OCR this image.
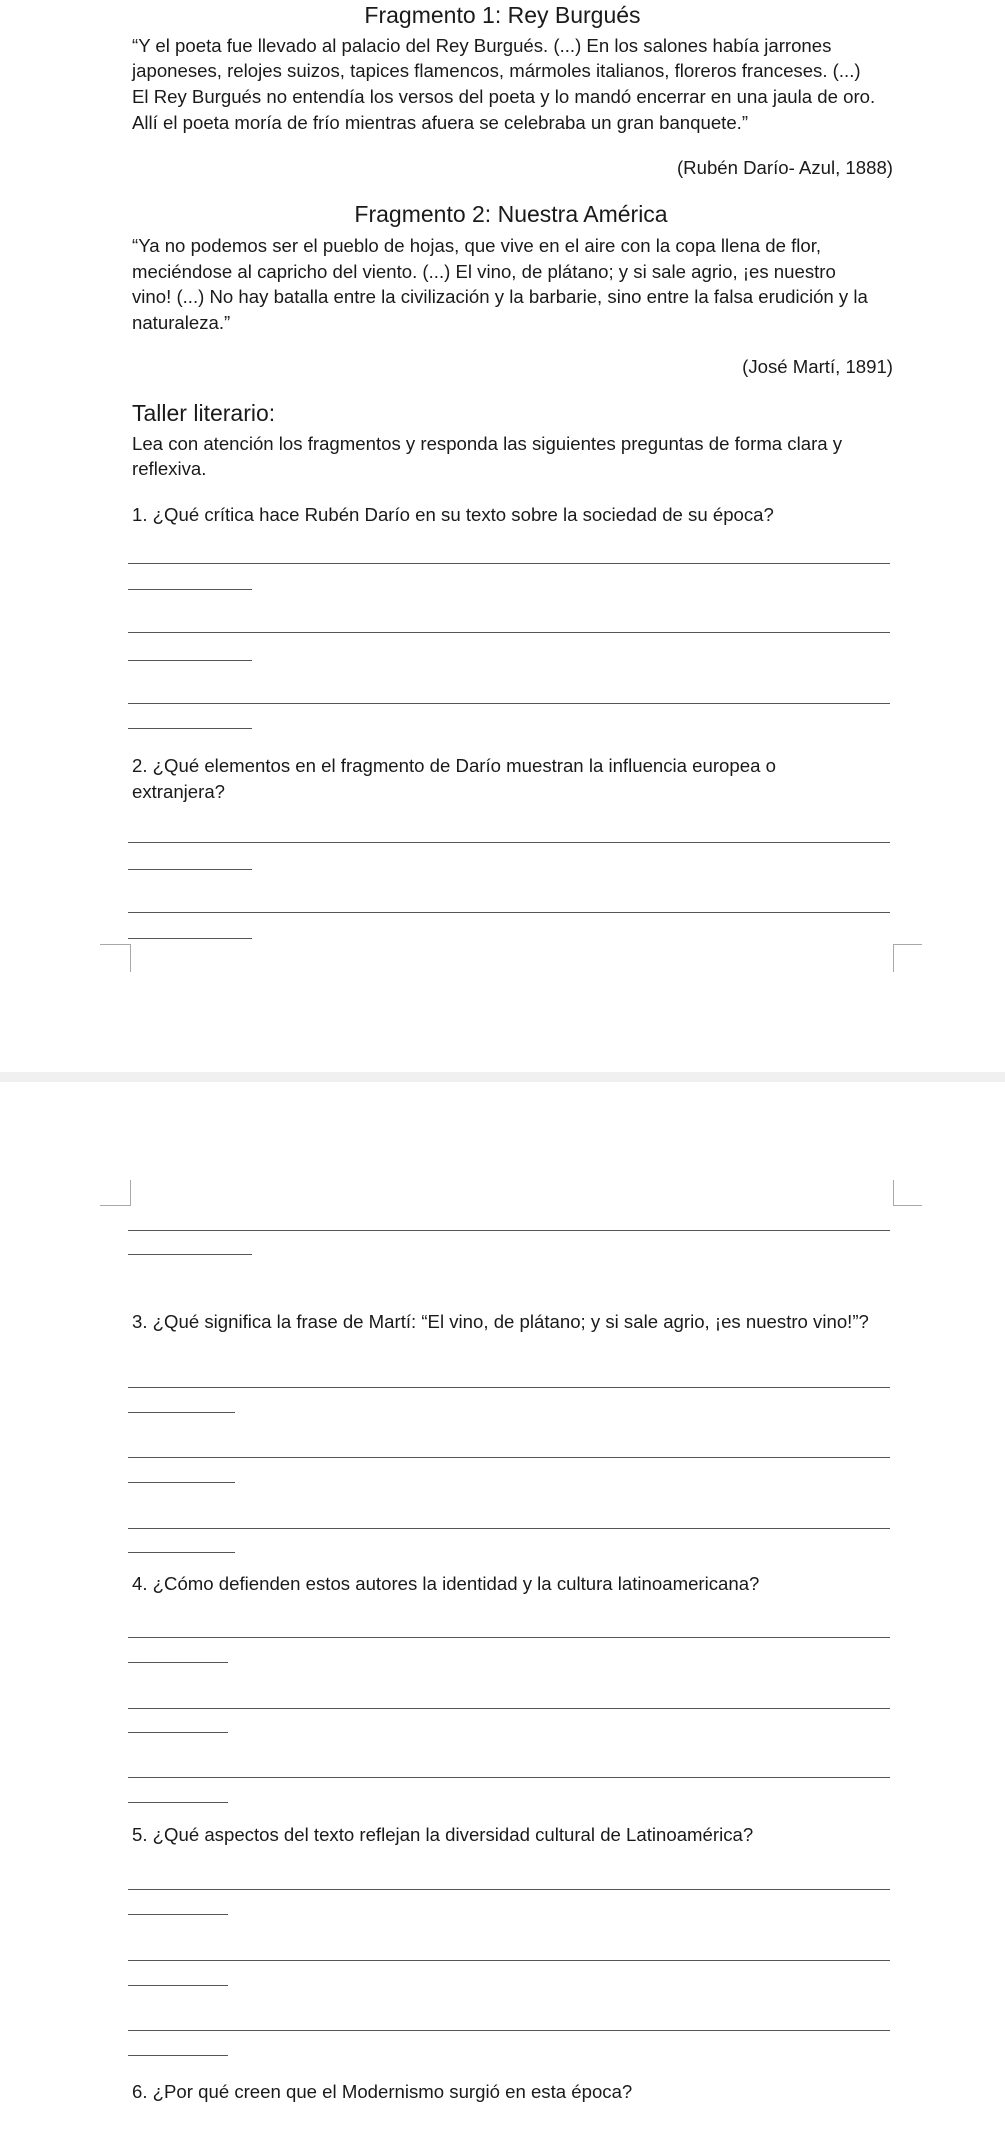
Fragmento 1: Rey Burgués
“Y el poeta fue llevado al palacio del Rey Burgués. (...) En los salones había jarrones
japoneses, relojes suizos, tapices flamencos, mármoles italianos, floreros franceses. (...)
El Rey Burgués no entendía los versos del poeta y lo mandó encerrar en una jaula de oro.
Allí el poeta moría de frío mientras afuera se celebraba un gran banquete.”
(Rubén Darío- Azul, 1888)
Fragmento 2: Nuestra América
“Ya no podemos ser el pueblo de hojas, que vive en el aire con la copa llena de flor,
meciéndose al capricho del viento. (...) El vino, de plátano; y si sale agrio, ¡es nuestro
vino! (...) No hay batalla entre la civilización y la barbarie, sino entre la falsa erudición y la
naturaleza.”
(José Martí, 1891)
Taller literario:
Lea con atención los fragmentos y responda las siguientes preguntas de forma clara y
reflexiva.
1. ¿Qué crítica hace Rubén Darío en su texto sobre la sociedad de su época?
2. ¿Qué elementos en el fragmento de Darío muestran la influencia europea o
extranjera?
3. ¿Qué significa la frase de Martí: “El vino, de plátano; y si sale agrio, ¡es nuestro vino!”?
4. ¿Cómo defienden estos autores la identidad y la cultura latinoamericana?
5. ¿Qué aspectos del texto reflejan la diversidad cultural de Latinoamérica?
6. ¿Por qué creen que el Modernismo surgió en esta época?
